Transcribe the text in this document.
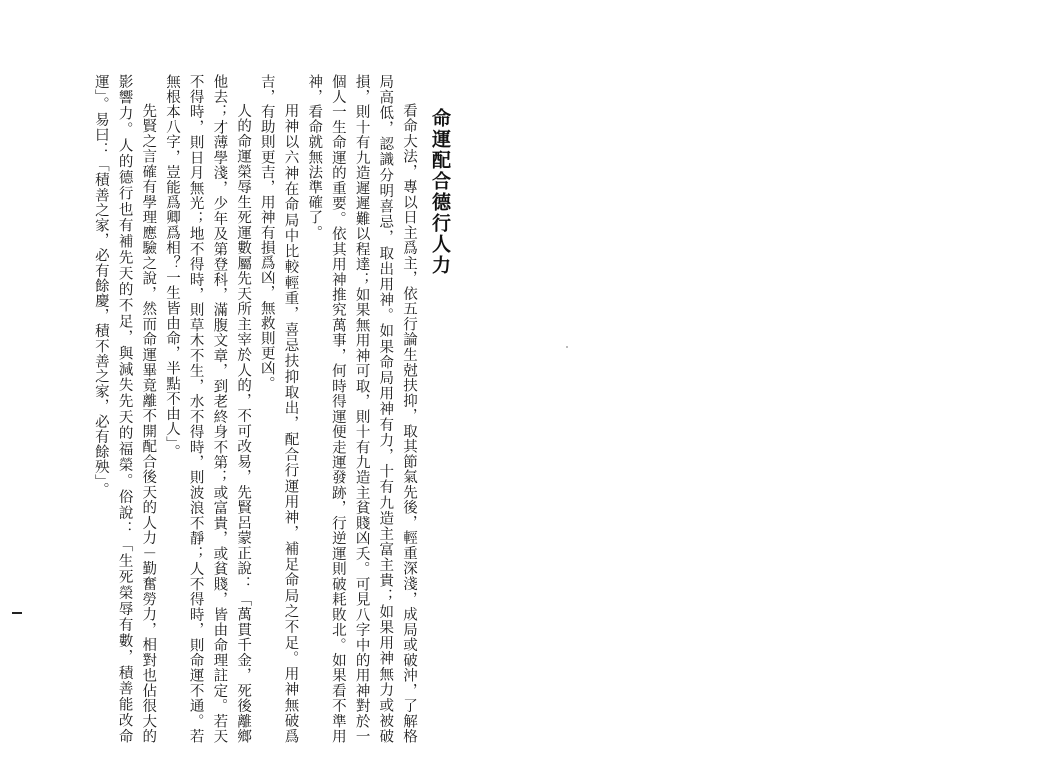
命運配合德行人力

看命大法，專以日主爲主，依五行論生尅扶抑，取其節氣先後，輕重深淺，成局或破沖，了解格局高低，認識分明喜忌，取出用神。如果命局用神有力，十有九造主富主貴；如果用神無力或被破損，則十有九造遲遲難以程達；如果無用神可取，則十有九造主貧賤凶夭。可見八字中的用神對於一個人一生命運的重要。依其用神推究萬事，何時得運便走運發跡，行逆運則破耗敗北。如果看不準用神，看命就無法準確了。

用神以六神在命局中比較輕重，喜忌扶抑取出，配合行運用神，補足命局之不足。用神無破爲吉，有助則更吉，用神有損爲凶，無救則更凶。

人的命運榮辱生死運數屬先天所主宰於人的，不可改易，先賢呂蒙正說：「萬貫千金，死後離鄉他去；才薄學淺，少年及第登科，滿腹文章，到老終身不第；或富貴，或貧賤，皆由命理註定。若天不得時，則日月無光；地不得時，則草木不生，水不得時，則波浪不靜；人不得時，則命運不通。若無根本八字，豈能爲卿爲相？一生皆由命，半點不由人」。

先賢之言確有學理應驗之說，然而命運畢竟離不開配合後天的人力－勤奮勞力，相對也佔很大的影響力。人的德行也有補先天的不足，與減失先天的福榮。俗說：「生死榮辱有數，積善能改命運」。易曰：「積善之家，必有餘慶，積不善之家，必有餘殃」。
